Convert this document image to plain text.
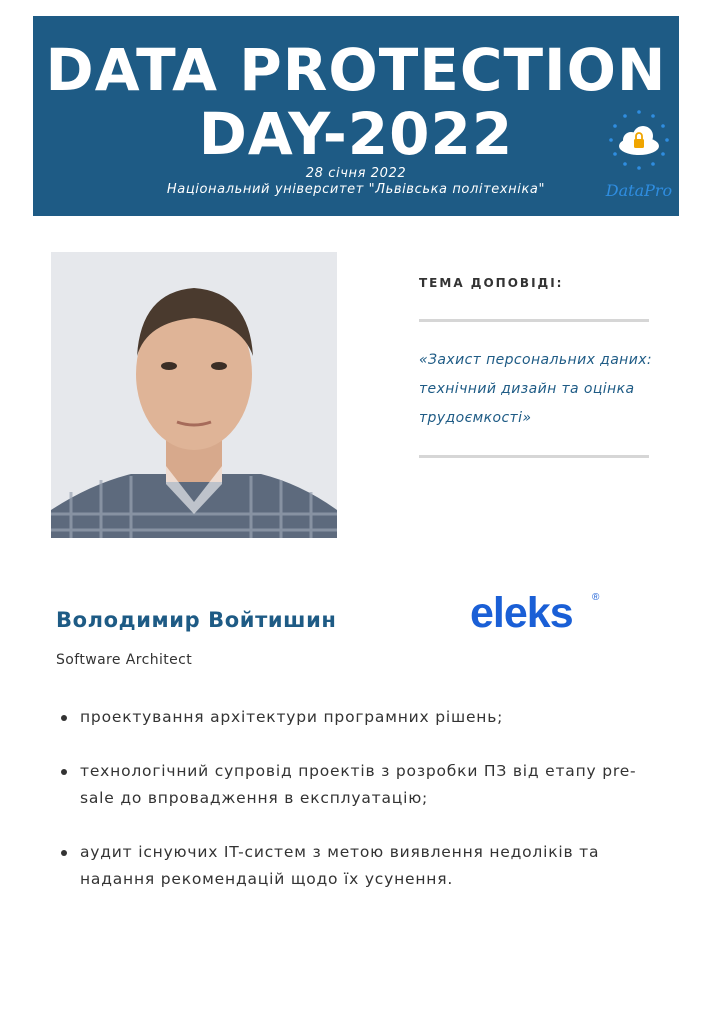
DATA PROTECTION
DAY-2022
28 січня 2022
Національний університет "Львівська політехніка"	DataPro
ТЕМА ДОПОВІДІ:
«Захист персональних даних: технічний дизайн та оцінка трудоємкості»
Володимир Войтишин	eleks ®
Software Architect
проектування архітектури програмних рішень;
технологічний супровід проектів з розробки ПЗ від етапу pre-sale до впровадження в експлуатацію;
аудит існуючих IT-систем з метою виявлення недоліків та надання рекомендацій щодо їх усунення.
